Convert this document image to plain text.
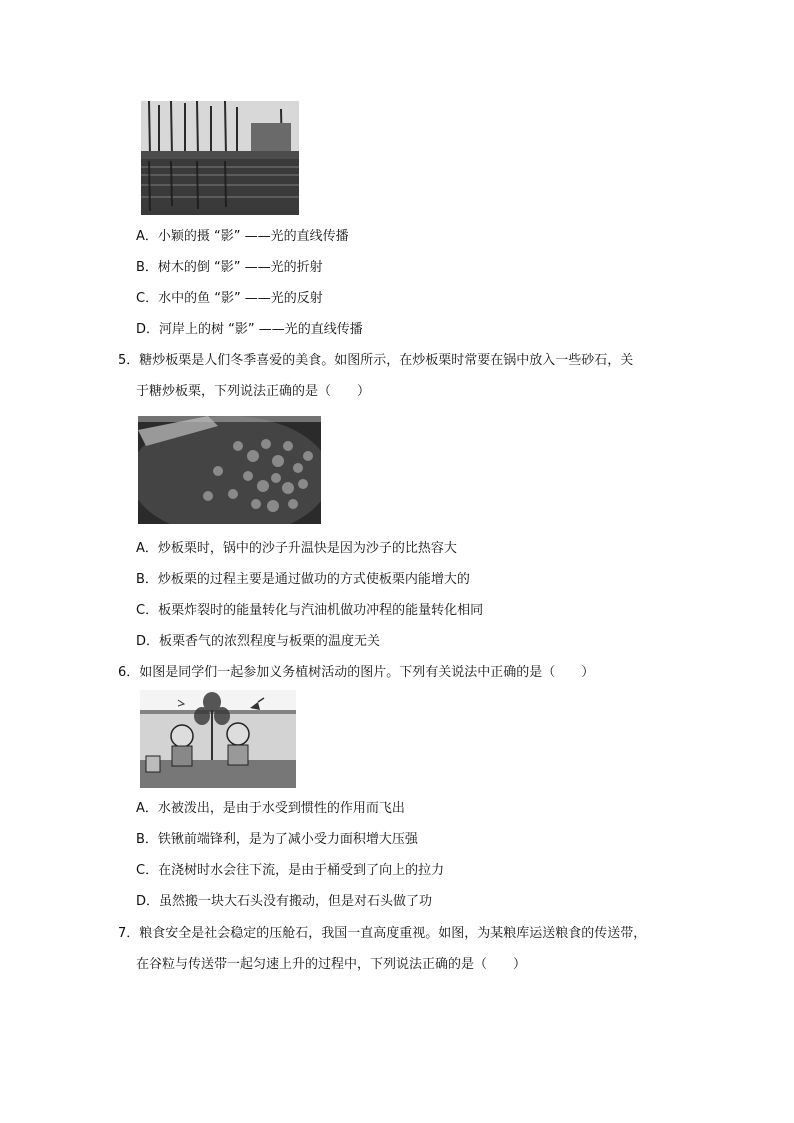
A．小颖的摄 “影” ——光的直线传播
B．树木的倒 “影” ——光的折射
C．水中的鱼 “影” ——光的反射
D．河岸上的树 “影” ——光的直线传播
5．糖炒板栗是人们冬季喜爱的美食。如图所示，在炒板栗时常要在锅中放入一些砂石，关
于糖炒板栗，下列说法正确的是（　　）
A．炒板栗时，锅中的沙子升温快是因为沙子的比热容大
B．炒板栗的过程主要是通过做功的方式使板栗内能增大的
C．板栗炸裂时的能量转化与汽油机做功冲程的能量转化相同
D．板栗香气的浓烈程度与板栗的温度无关
6．如图是同学们一起参加义务植树活动的图片。下列有关说法中正确的是（　　）
A．水被泼出，是由于水受到惯性的作用而飞出
B．铁锹前端锋利，是为了减小受力面积增大压强
C．在浇树时水会往下流，是由于桶受到了向上的拉力
D．虽然搬一块大石头没有搬动，但是对石头做了功
7．粮食安全是社会稳定的压舱石，我国一直高度重视。如图，为某粮库运送粮食的传送带，
在谷粒与传送带一起匀速上升的过程中，下列说法正确的是（　　）
